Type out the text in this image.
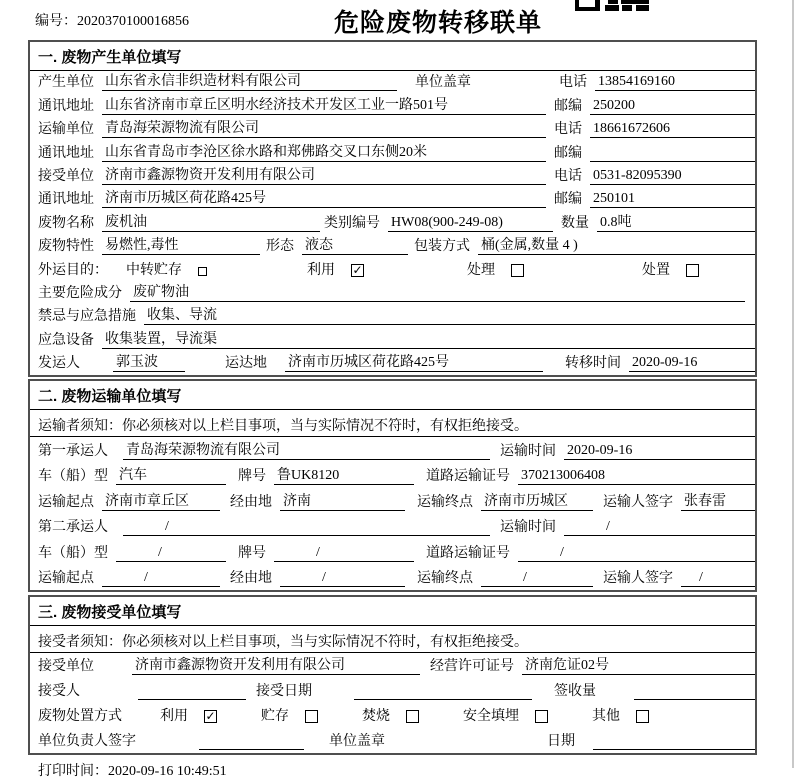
编号：2020370100016856	危险废物转移联单
一. 废物产生单位填写
产生单位 山东省永信非织造材料有限公司	单位盖章	电话 13854169160
通讯地址 山东省济南市章丘区明水经济技术开发区工业一路501号	邮编 250200
运输单位 青岛海荣源物流有限公司	电话 18661672606
通讯地址 山东省青岛市李沧区徐水路和郑佛路交叉口东侧20米	邮编
接受单位 济南市鑫源物资开发利用有限公司	电话 0531-82095390
通讯地址 济南市历城区荷花路425号	邮编 250101
废物名称 废机油	类别编号 HW08(900-249-08)	数量 0.8吨
废物特性 易燃性,毒性	形态 液态	包装方式 桶(金属,数量 4 )
外运目的： 中转贮存	利用 ✓	处理	处置
主要危险成分 废矿物油
禁忌与应急措施 收集、导流
应急设备 收集装置，导流渠
发运人	郭玉波	运达地 济南市历城区荷花路425号	转移时间 2020-09-16
二. 废物运输单位填写
运输者须知：你必须核对以上栏目事项，当与实际情况不符时，有权拒绝接受。
第一承运人 青岛海荣源物流有限公司	运输时间 2020-09-16
车（船）型 汽车	牌号 鲁UK8120	道路运输证号 370213006408
运输起点 济南市章丘区	经由地 济南	运输终点 济南市历城区	运输人签字 张春雷
第二承运人	/	运输时间	/
车（船）型	/	牌号	/	道路运输证号	/
运输起点	/	经由地	/	运输终点	/	运输人签字	/
三. 废物接受单位填写
接受者须知：你必须核对以上栏目事项，当与实际情况不符时，有权拒绝接受。
接受单位	济南市鑫源物资开发利用有限公司	经营许可证号 济南危证02号
接受人	接受日期	签收量
废物处置方式	利用 ✓	贮存	焚烧	安全填埋	其他
单位负责人签字	单位盖章	日期
打印时间：2020-09-16 10:49:51
